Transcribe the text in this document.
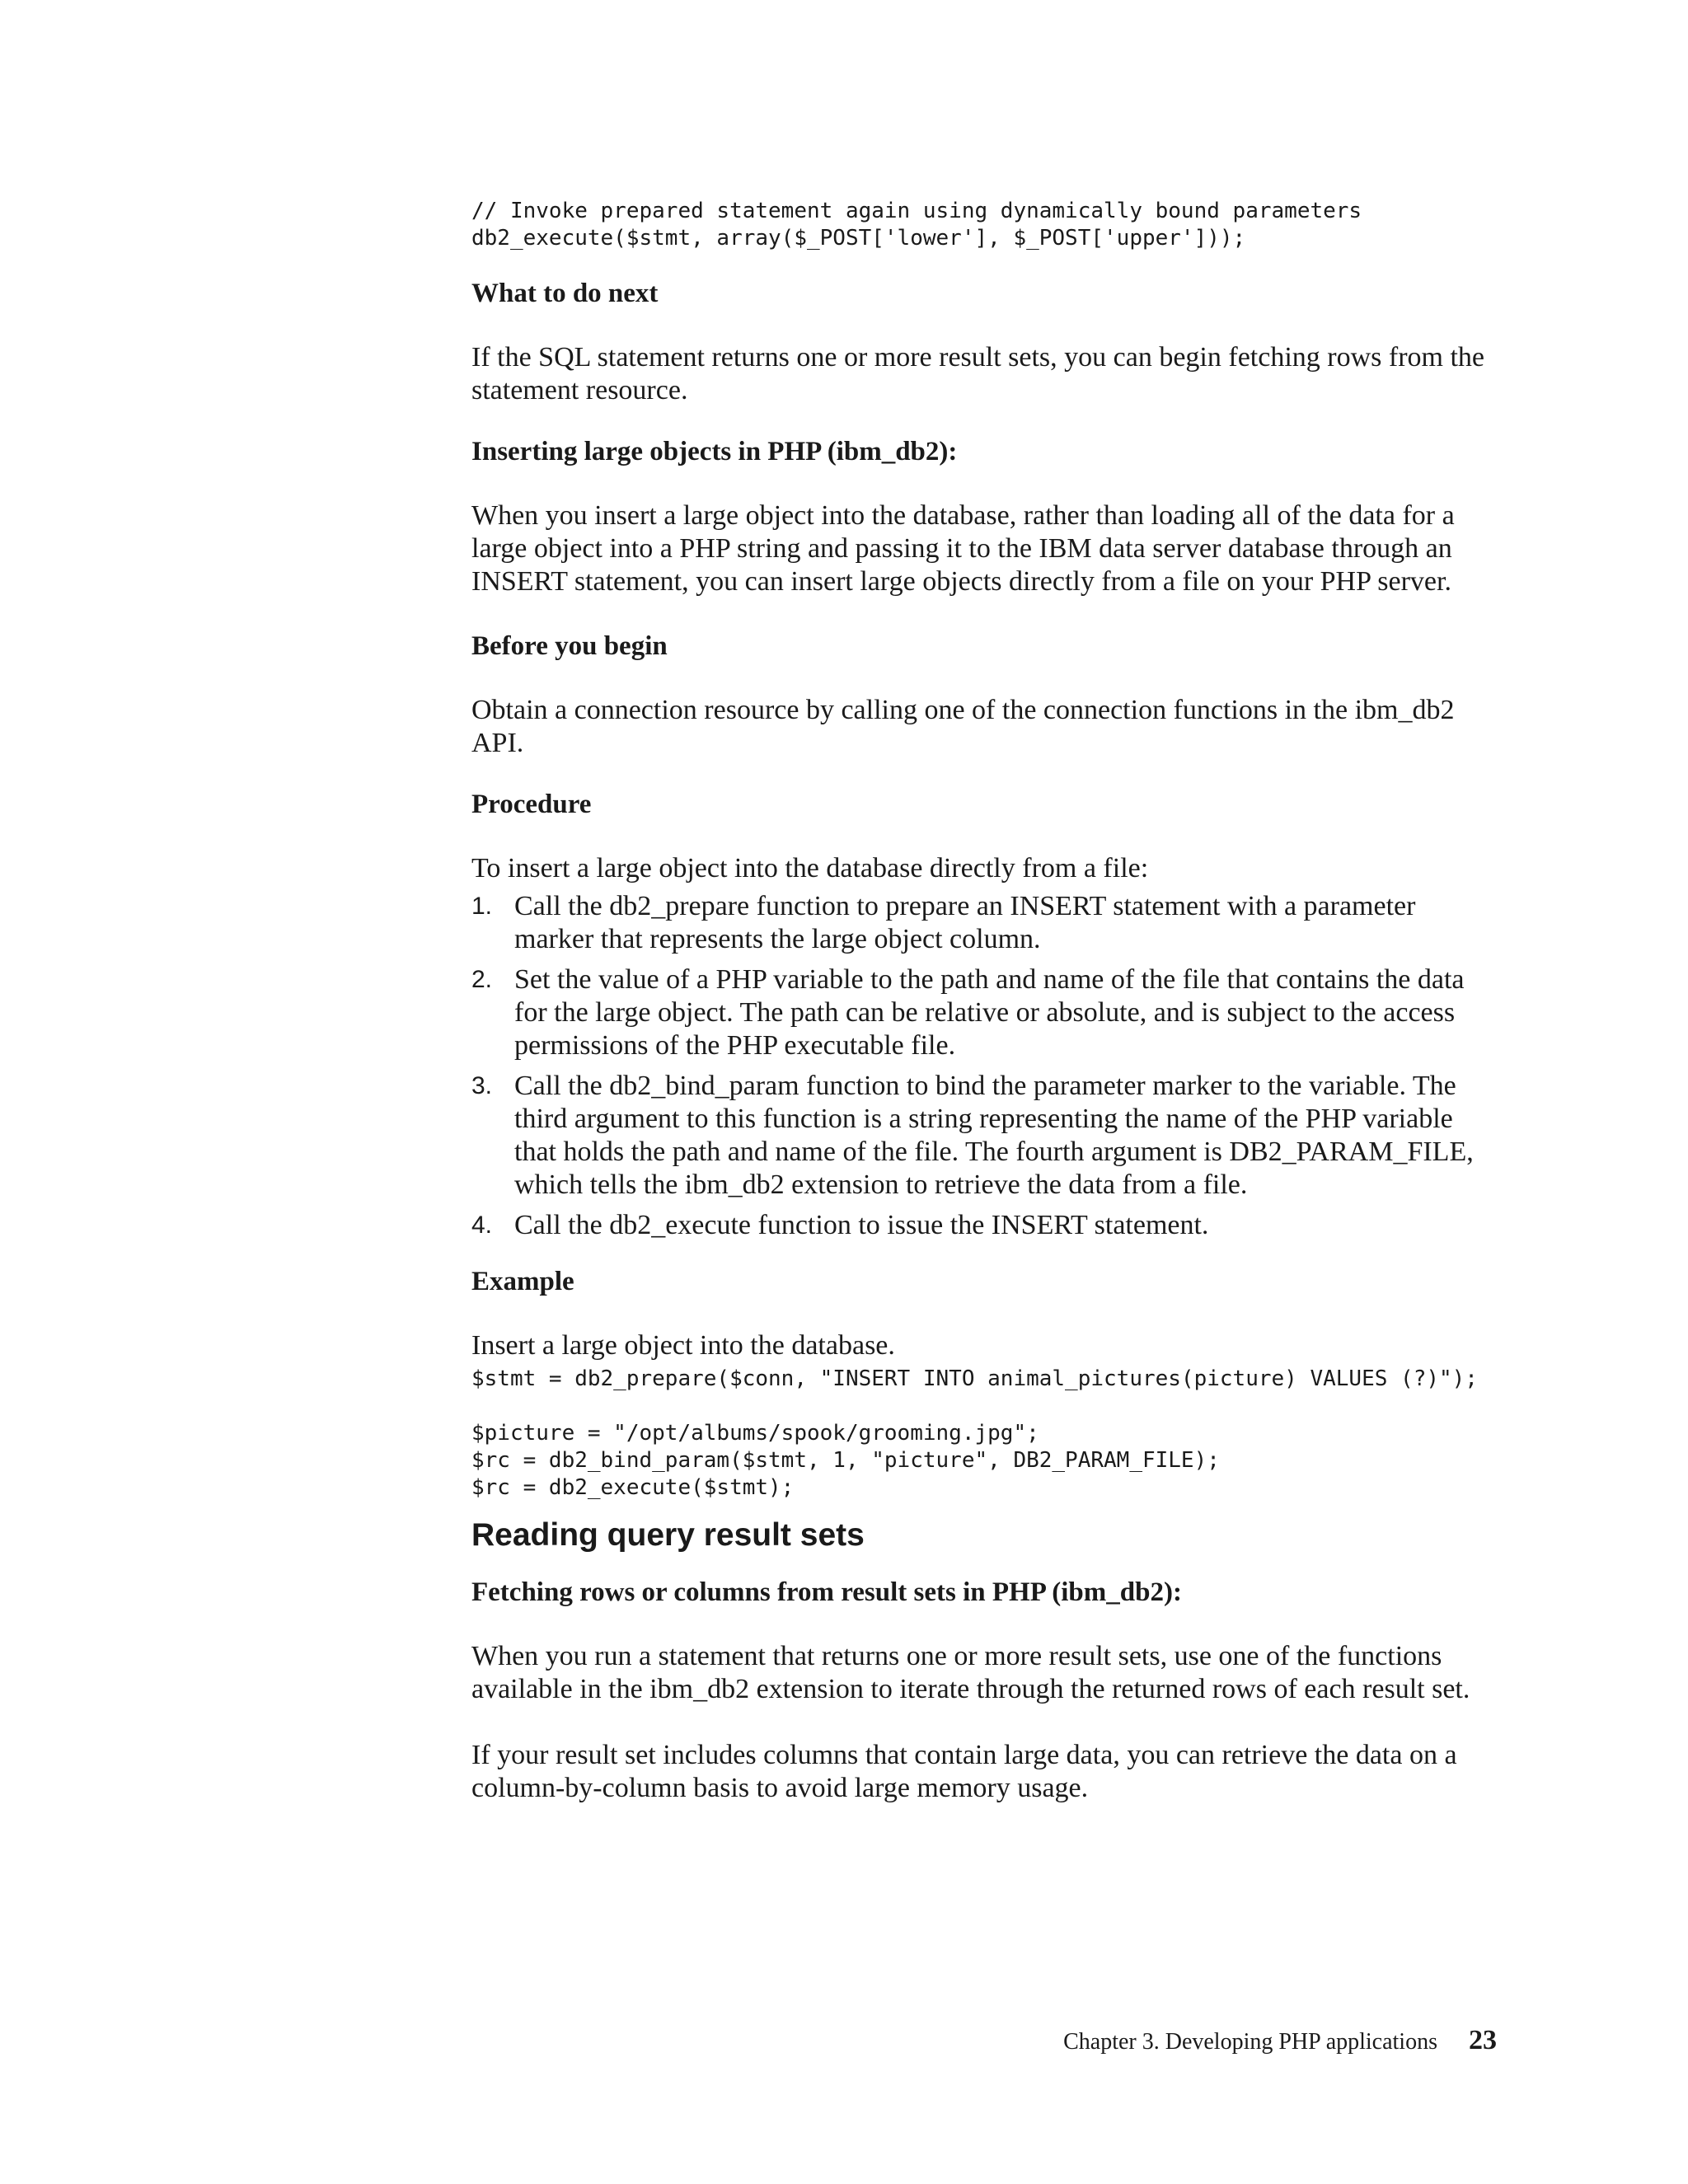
// Invoke prepared statement again using dynamically bound parameters
db2_execute($stmt, array($_POST['lower'], $_POST['upper']));

What to do next

If the SQL statement returns one or more result sets, you can begin fetching rows from the statement resource.

Inserting large objects in PHP (ibm_db2):

When you insert a large object into the database, rather than loading all of the data for a large object into a PHP string and passing it to the IBM data server database through an INSERT statement, you can insert large objects directly from a file on your PHP server.

Before you begin

Obtain a connection resource by calling one of the connection functions in the ibm_db2 API.

Procedure

To insert a large object into the database directly from a file:

1. Call the db2_prepare function to prepare an INSERT statement with a parameter marker that represents the large object column.
2. Set the value of a PHP variable to the path and name of the file that contains the data for the large object. The path can be relative or absolute, and is subject to the access permissions of the PHP executable file.
3. Call the db2_bind_param function to bind the parameter marker to the variable. The third argument to this function is a string representing the name of the PHP variable that holds the path and name of the file. The fourth argument is DB2_PARAM_FILE, which tells the ibm_db2 extension to retrieve the data from a file.
4. Call the db2_execute function to issue the INSERT statement.

Example

Insert a large object into the database.

$stmt = db2_prepare($conn, "INSERT INTO animal_pictures(picture) VALUES (?)");

$picture = "/opt/albums/spook/grooming.jpg";
$rc = db2_bind_param($stmt, 1, "picture", DB2_PARAM_FILE);
$rc = db2_execute($stmt);

Reading query result sets

Fetching rows or columns from result sets in PHP (ibm_db2):

When you run a statement that returns one or more result sets, use one of the functions available in the ibm_db2 extension to iterate through the returned rows of each result set.

If your result set includes columns that contain large data, you can retrieve the data on a column-by-column basis to avoid large memory usage.

Chapter 3. Developing PHP applications 23
